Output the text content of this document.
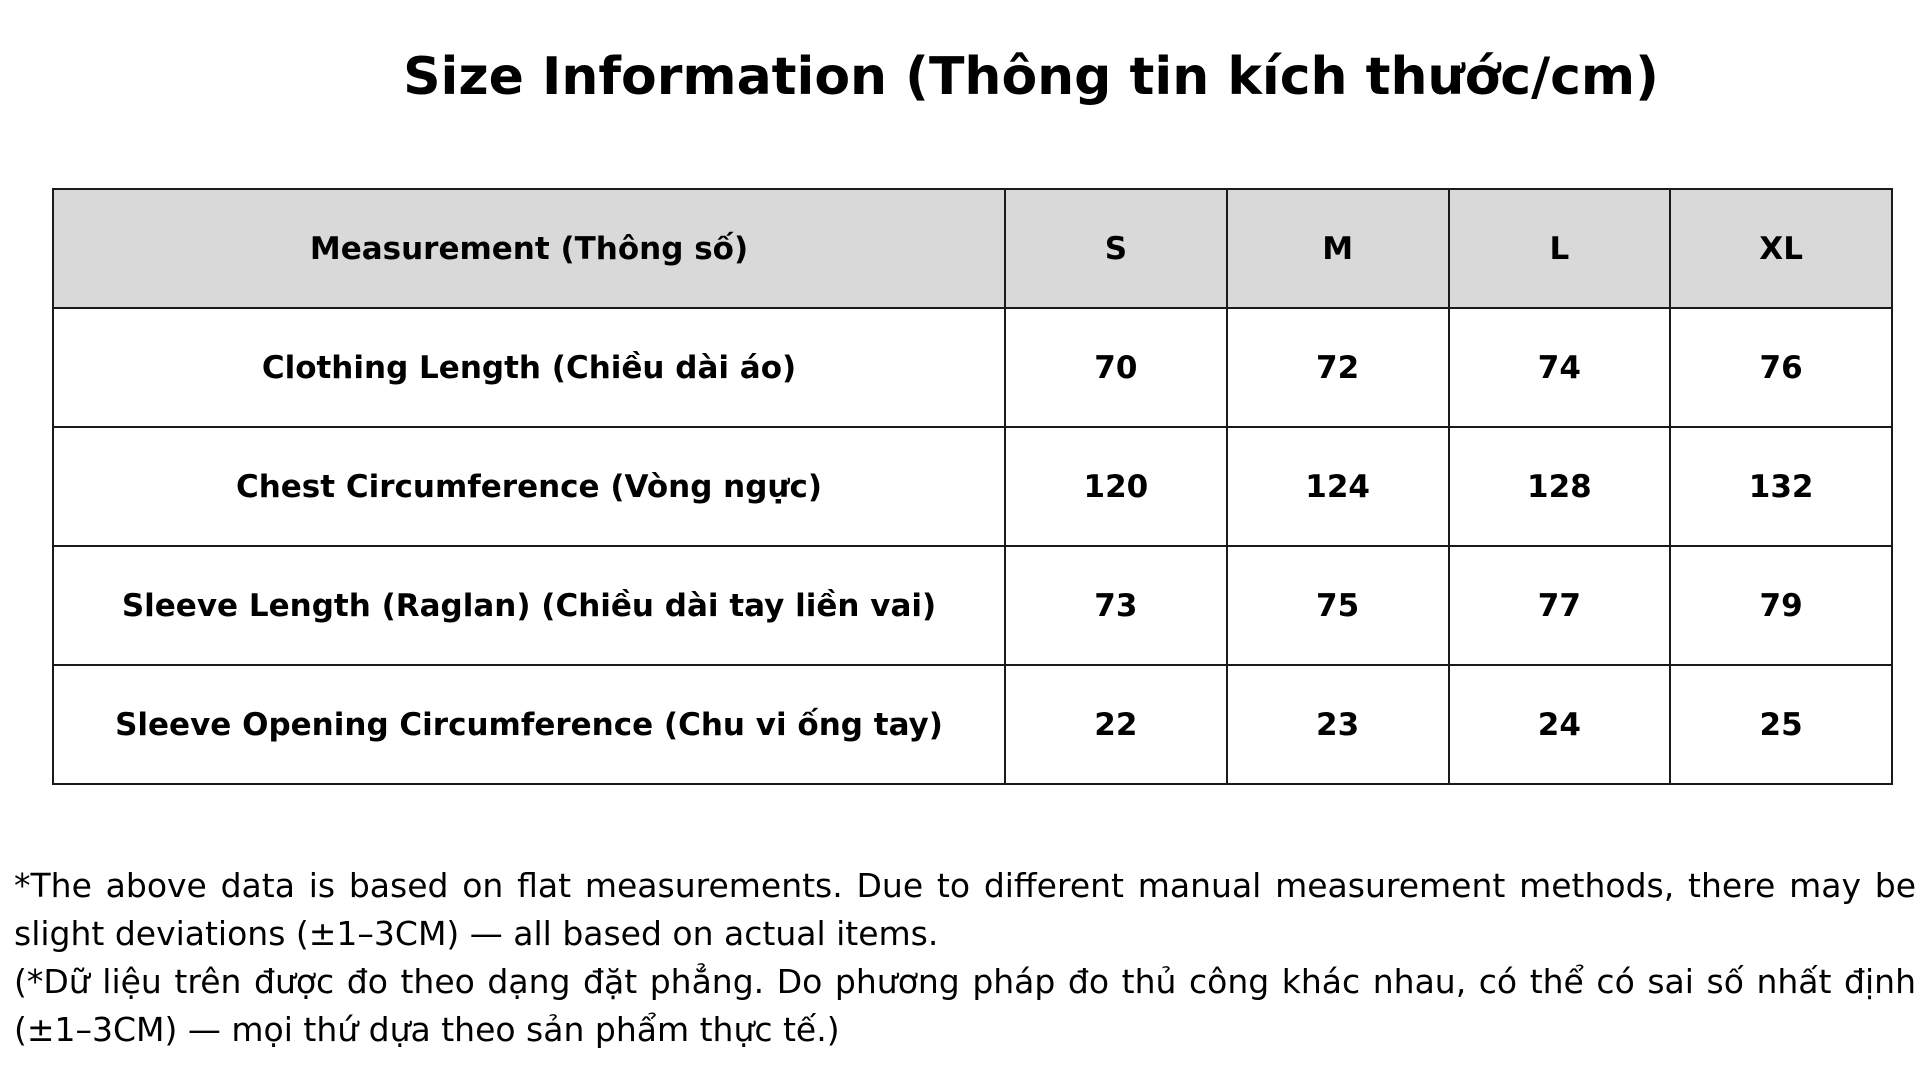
Size Information (Thông tin kích thước/cm)
Measurement (Thông số)	S	M	L	XL
Clothing Length (Chiều dài áo)	70	72	74	76
Chest Circumference (Vòng ngực)	120	124	128	132
Sleeve Length (Raglan) (Chiều dài tay liền vai)	73	75	77	79
Sleeve Opening Circumference (Chu vi ống tay)	22	23	24	25

*The above data is based on flat measurements. Due to different manual measurement methods, there may be slight deviations (±1–3CM) — all based on actual items.
(*Dữ liệu trên được đo theo dạng đặt phẳng. Do phương pháp đo thủ công khác nhau, có thể có sai số nhất định (±1–3CM) — mọi thứ dựa theo sản phẩm thực tế.)
